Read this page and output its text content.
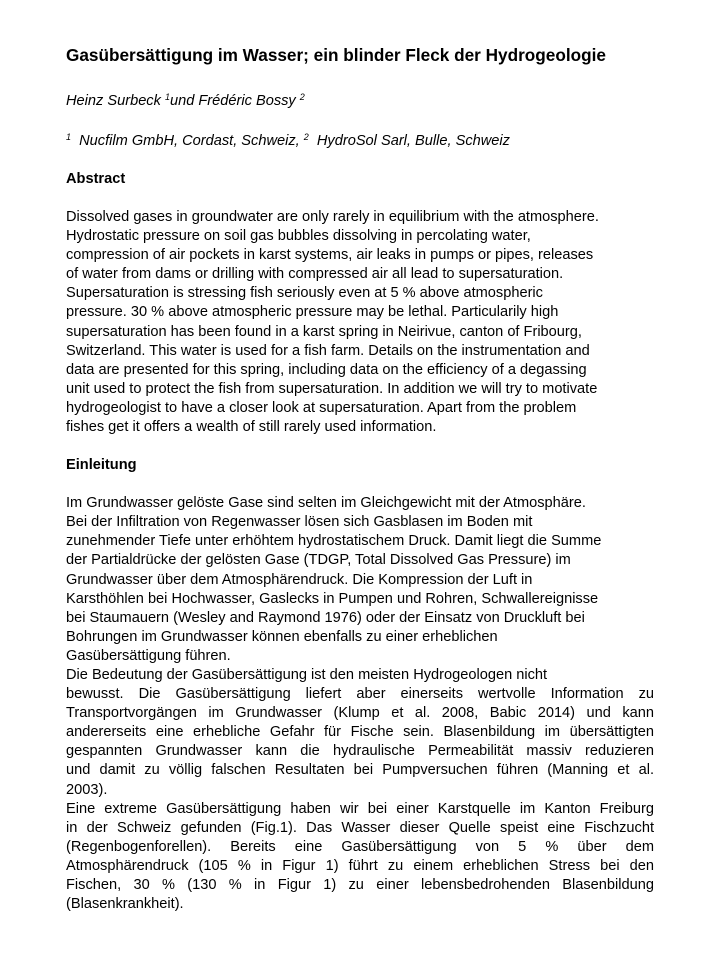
Gasübersättigung im Wasser; ein blinder Fleck der Hydrogeologie
Heinz Surbeck $^1$und Frédéric Bossy $^2$
$^1$  Nucfilm GmbH, Cordast, Schweiz, $^2$  HydroSol Sarl, Bulle, Schweiz
Abstract
Dissolved gases in groundwater are only rarely in equilibrium with the atmosphere.
Hydrostatic pressure on soil gas bubbles dissolving in percolating water,
compression of air pockets in karst systems, air leaks in pumps or pipes, releases
of water from dams or drilling with compressed air all lead to supersaturation.
Supersaturation is stressing fish seriously even at 5 % above atmospheric
pressure. 30 % above atmospheric pressure may be lethal. Particularily high
supersaturation has been found in a karst spring in Neirivue, canton of Fribourg,
Switzerland. This water is used for a fish farm. Details on the instrumentation and
data are presented for this spring, including data on the efficiency of a degassing
unit used to protect the fish from supersaturation. In addition we will try to motivate
hydrogeologist to have a closer look at supersaturation. Apart from the problem
fishes get it offers a wealth of still rarely used information.
Einleitung
Im Grundwasser gelöste Gase sind selten im Gleichgewicht mit der Atmosphäre.
Bei der Infiltration von Regenwasser lösen sich Gasblasen im Boden mit
zunehmender Tiefe unter erhöhtem hydrostatischem Druck. Damit liegt die Summe
der Partialdrücke der gelösten Gase (TDGP, Total Dissolved Gas Pressure) im
Grundwasser über dem Atmosphärendruck. Die Kompression der Luft in
Karsthöhlen bei Hochwasser, Gaslecks in Pumpen und Rohren, Schwallereignisse
bei Staumauern (Wesley and Raymond 1976) oder der Einsatz von Druckluft bei
Bohrungen im Grundwasser können ebenfalls zu einer erheblichen
Gasübersättigung führen.
Die Bedeutung der Gasübersättigung ist den meisten Hydrogeologen nicht
bewusst. Die Gasübersättigung liefert aber einerseits wertvolle Information zu
Transportvorgängen im Grundwasser (Klump et al. 2008, Babic 2014) und kann
andererseits eine erhebliche Gefahr für Fische sein. Blasenbildung im übersättigten
gespannten Grundwasser kann die hydraulische Permeabilität massiv reduzieren
und damit zu völlig falschen Resultaten bei Pumpversuchen führen (Manning et al.
2003).
Eine extreme Gasübersättigung haben wir bei einer Karstquelle im Kanton Freiburg
in der Schweiz gefunden (Fig.1). Das Wasser dieser Quelle speist eine Fischzucht
(Regenbogenforellen). Bereits eine Gasübersättigung von 5 % über dem
Atmosphärendruck (105 % in Figur 1) führt zu einem erheblichen Stress bei den
Fischen, 30 % (130 % in Figur 1) zu einer lebensbedrohenden Blasenbildung
(Blasenkrankheit).
